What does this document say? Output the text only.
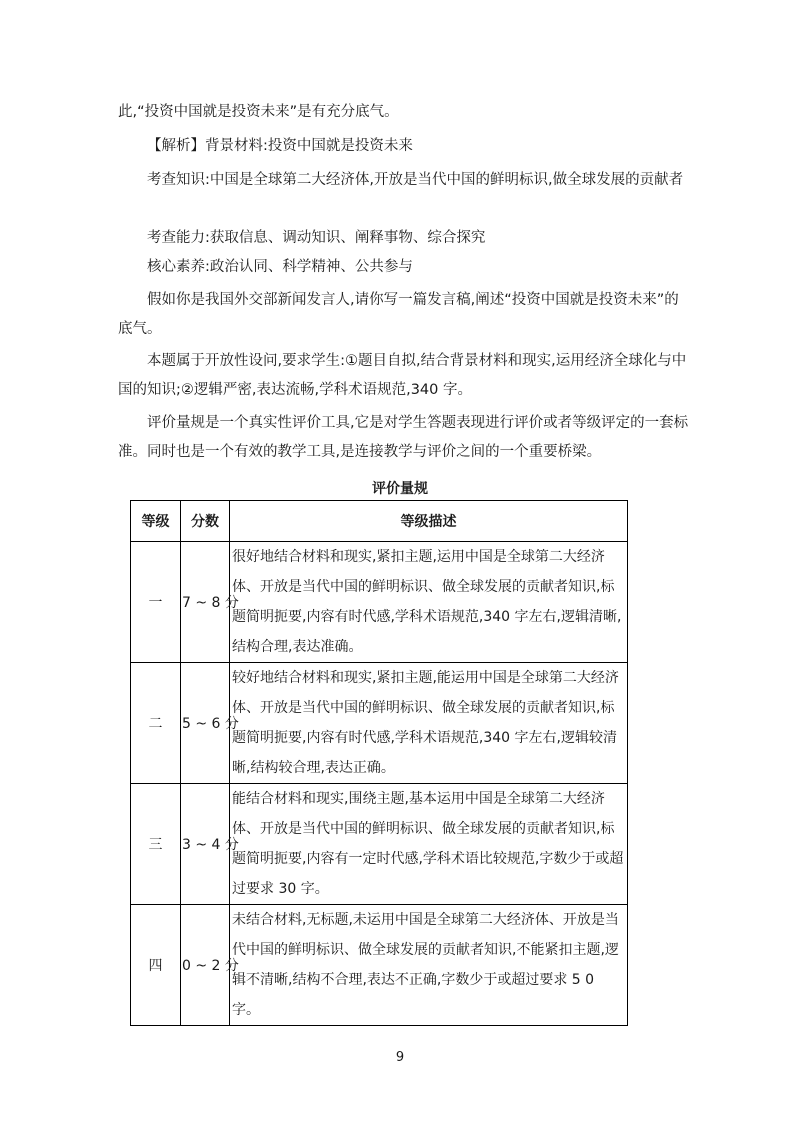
此,“投资中国就是投资未来”是有充分底气。
【解析】背景材料:投资中国就是投资未来
考查知识:中国是全球第二大经济体,开放是当代中国的鲜明标识,做全球发展的贡献者
考查能力:获取信息、调动知识、阐释事物、综合探究
核心素养:政治认同、科学精神、公共参与
假如你是我国外交部新闻发言人,请你写一篇发言稿,阐述“投资中国就是投资未来”的底气。
本题属于开放性设问,要求学生:①题目自拟,结合背景材料和现实,运用经济全球化与中国的知识;②逻辑严密,表达流畅,学科术语规范,340 字。
评价量规是一个真实性评价工具,它是对学生答题表现进行评价或者等级评定的一套标准。同时也是一个有效的教学工具,是连接教学与评价之间的一个重要桥梁。
评价量规
等级	分数	等级描述
一	7 ~ 8 分	很好地结合材料和现实,紧扣主题,运用中国是全球第二大经济体、开放是当代中国的鲜明标识、做全球发展的贡献者知识,标题简明扼要,内容有时代感,学科术语规范,340 字左右,逻辑清晰,结构合理,表达准确。
二	5 ~ 6 分	较好地结合材料和现实,紧扣主题,能运用中国是全球第二大经济体、开放是当代中国的鲜明标识、做全球发展的贡献者知识,标题简明扼要,内容有时代感,学科术语规范,340 字左右,逻辑较清晰,结构较合理,表达正确。
三	3 ~ 4 分	能结合材料和现实,围绕主题,基本运用中国是全球第二大经济体、开放是当代中国的鲜明标识、做全球发展的贡献者知识,标题简明扼要,内容有一定时代感,学科术语比较规范,字数少于或超过要求 30 字。
四	0 ~ 2 分	未结合材料,无标题,未运用中国是全球第二大经济体、开放是当代中国的鲜明标识、做全球发展的贡献者知识,不能紧扣主题,逻辑不清晰,结构不合理,表达不正确,字数少于或超过要求 5 0 字。
9
